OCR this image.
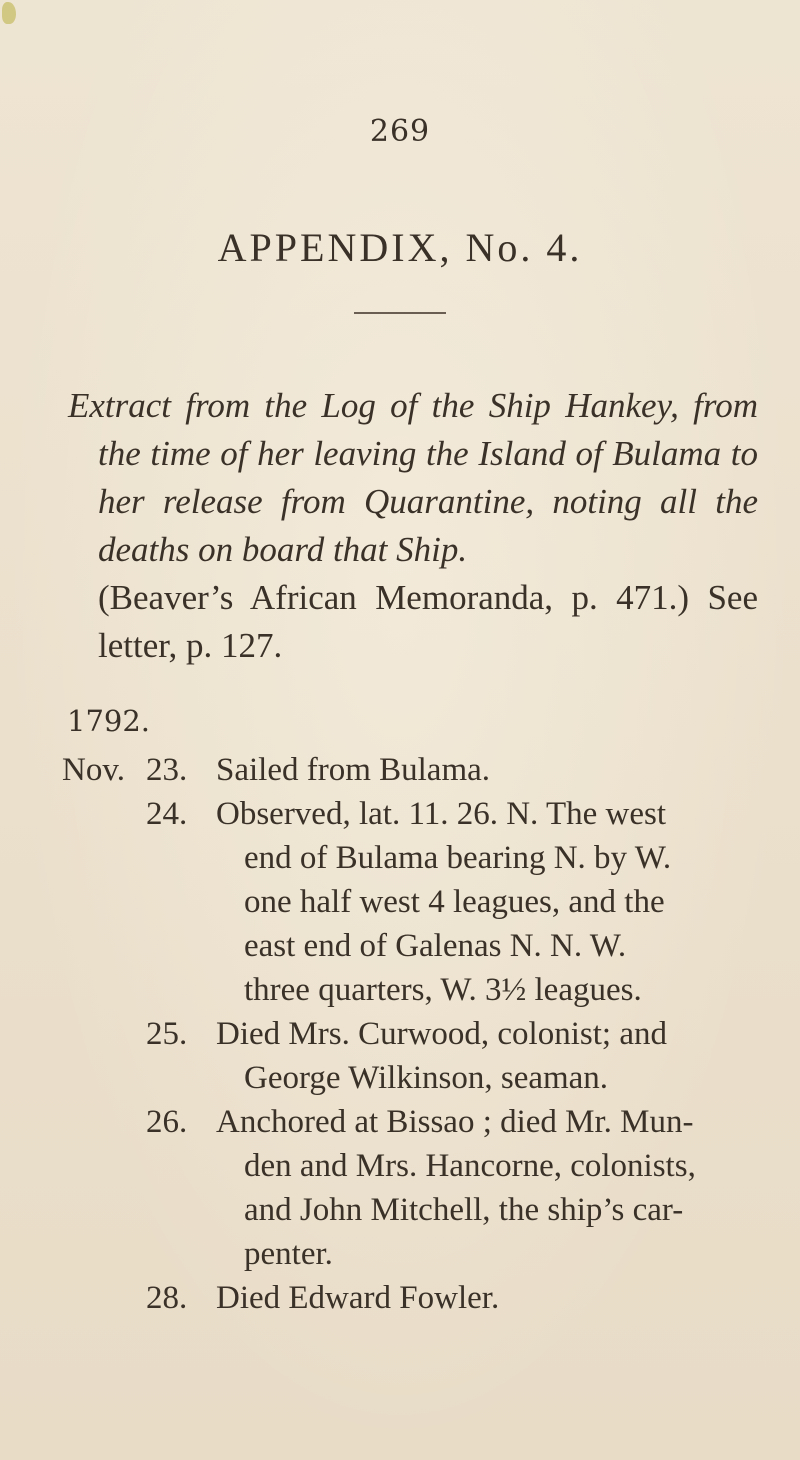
269
APPENDIX, No. 4.
Extract from the Log of the Ship Hankey, from the time of her leaving the Island of Bulama to her release from Quarantine, noting all the deaths on board that Ship.
(Beaver’s African Memoranda, p. 471.) See letter, p. 127.
1792.
Nov. 23. Sailed from Bulama.
24. Observed, lat. 11. 26. N. The west
end of Bulama bearing N. by W.
one half west 4 leagues, and the
east end of Galenas N. N. W.
three quarters, W. 3½ leagues.
25. Died Mrs. Curwood, colonist; and
George Wilkinson, seaman.
26. Anchored at Bissao ; died Mr. Mun-
den and Mrs. Hancorne, colonists,
and John Mitchell, the ship’s car-
penter.
28. Died Edward Fowler.
